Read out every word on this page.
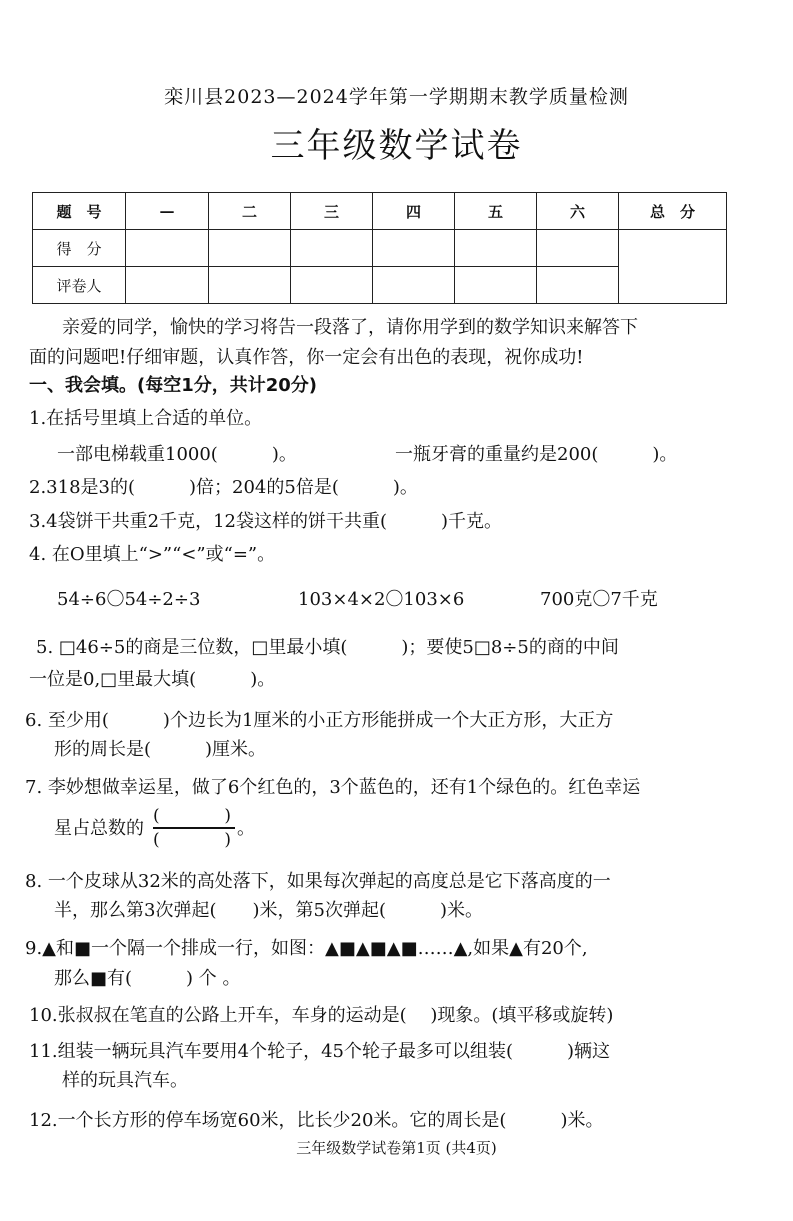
栾川县2023—2024学年第一学期期末教学质量检测
三年级数学试卷
题　号	—	二	三	四	五	六	总　分
得　分							
评卷人							
亲爱的同学，愉快的学习将告一段落了，请你用学到的数学知识来解答下
面的问题吧!仔细审题，认真作答，你一定会有出色的表现，祝你成功!
一、我会填。(每空1分，共计20分)
1.在括号里填上合适的单位。
一部电梯载重1000(　　　)。	一瓶牙膏的重量约是200(　　　)。
2.318是3的(　　　)倍；204的5倍是(　　　)。
3.4袋饼干共重2千克，12袋这样的饼干共重(　　　)千克。
4. 在O里填上“>”“<”或“=”。
54÷6〇54÷2÷3	103×4×2〇103×6	700克〇7千克
5. □46÷5的商是三位数，□里最小填(　　　)；要使5□8÷5的商的中间
一位是0,□里最大填(　　　)。
6. 至少用(　　　)个边长为1厘米的小正方形能拼成一个大正方形，大正方
形的周长是(　　　)厘米。
7. 李妙想做幸运星，做了6个红色的，3个蓝色的，还有1个绿色的。红色幸运
星占总数的
(	)
(	)
。
8. 一个皮球从32米的高处落下，如果每次弹起的高度总是它下落高度的一
半，那么第3次弹起(　　)米，第5次弹起(　　　)米。
9.▲和■一个隔一个排成一行，如图：▲■▲■▲■……▲,如果▲有20个,
那么■有(　　　) 个 。
10.张叔叔在笔直的公路上开车，车身的运动是(　 )现象。(填平移或旋转)
11.组装一辆玩具汽车要用4个轮子，45个轮子最多可以组装(　　　)辆这
样的玩具汽车。
12.一个长方形的停车场宽60米，比长少20米。它的周长是(　　　)米。
三年级数学试卷第1页 (共4页)
